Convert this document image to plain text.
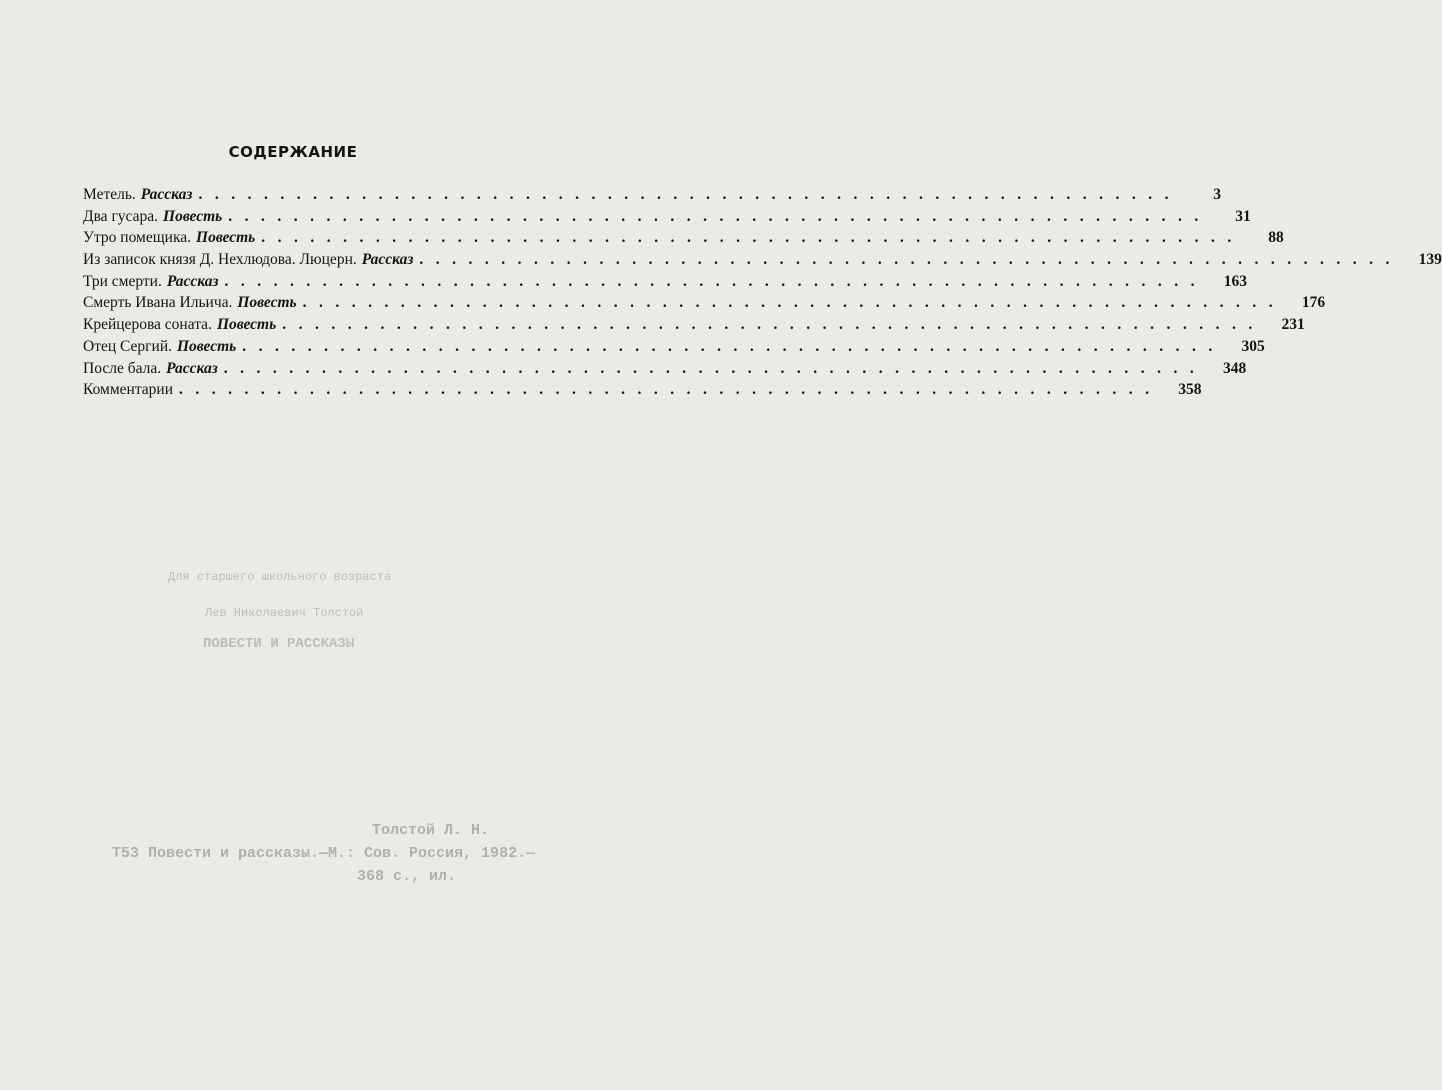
СОДЕРЖАНИЕ
Метель. Рассказ ............................................................	3
Два гусара. Повесть ............................................................	31
Утро помещика. Повесть ............................................................	88
Из записок князя Д. Нехлюдова. Люцерн. Рассказ ............................................................	139
Три смерти. Рассказ ............................................................	163
Смерть Ивана Ильича. Повесть ............................................................	176
Крейцерова соната. Повесть ............................................................	231
Отец Сергий. Повесть ............................................................	305
После бала. Рассказ ............................................................	348
Комментарии ............................................................	358
Для старшего школьного возраста
Лев Николаевич Толстой
ПОВЕСТИ И РАССКАЗЫ
Толстой Л. Н.
Т53 Повести и рассказы.—М.: Сов. Россия, 1982.—
368 с., ил.
